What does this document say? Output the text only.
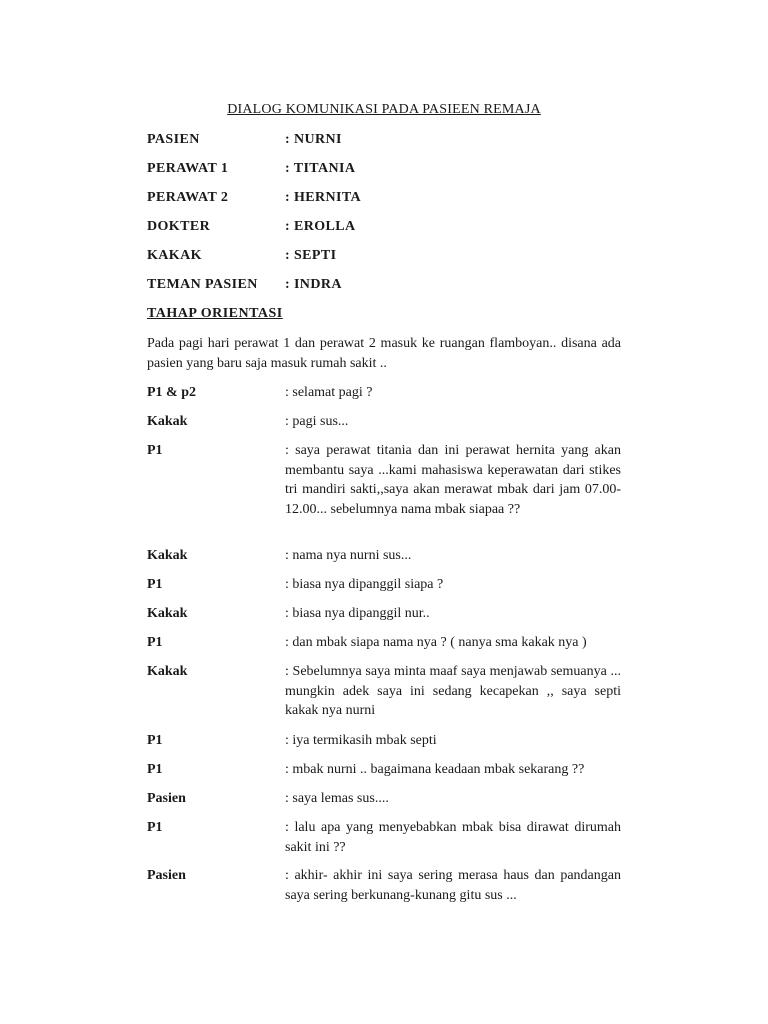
DIALOG KOMUNIKASI PADA PASIEEN REMAJA
PASIEN	: NURNI
PERAWAT 1	: TITANIA
PERAWAT 2	: HERNITA
DOKTER	: EROLLA
KAKAK	: SEPTI
TEMAN PASIEN : INDRA
TAHAP ORIENTASI
Pada pagi hari perawat 1 dan perawat 2 masuk ke ruangan flamboyan.. disana ada pasien yang baru saja masuk rumah sakit ..
P1 & p2	: selamat pagi ?
Kakak	: pagi sus...
P1	: saya perawat titania dan ini perawat hernita yang akan membantu saya ...kami mahasiswa keperawatan dari stikes tri mandiri sakti,,saya akan merawat mbak dari jam 07.00- 12.00... sebelumnya nama mbak siapaa ??
Kakak	: nama nya nurni sus...
P1	: biasa nya dipanggil siapa ?
Kakak	: biasa nya dipanggil nur..
P1	: dan mbak siapa nama nya ? ( nanya sma kakak nya )
Kakak	: Sebelumnya saya minta maaf saya menjawab semuanya ... mungkin adek saya ini sedang kecapekan ,, saya septi kakak nya nurni
P1	: iya termikasih mbak septi
P1	: mbak nurni .. bagaimana keadaan mbak sekarang ??
Pasien	: saya lemas sus....
P1	: lalu apa yang menyebabkan mbak bisa dirawat dirumah sakit ini ??
Pasien	: akhir- akhir ini saya sering merasa haus dan pandangan saya sering berkunang-kunang gitu sus ...
